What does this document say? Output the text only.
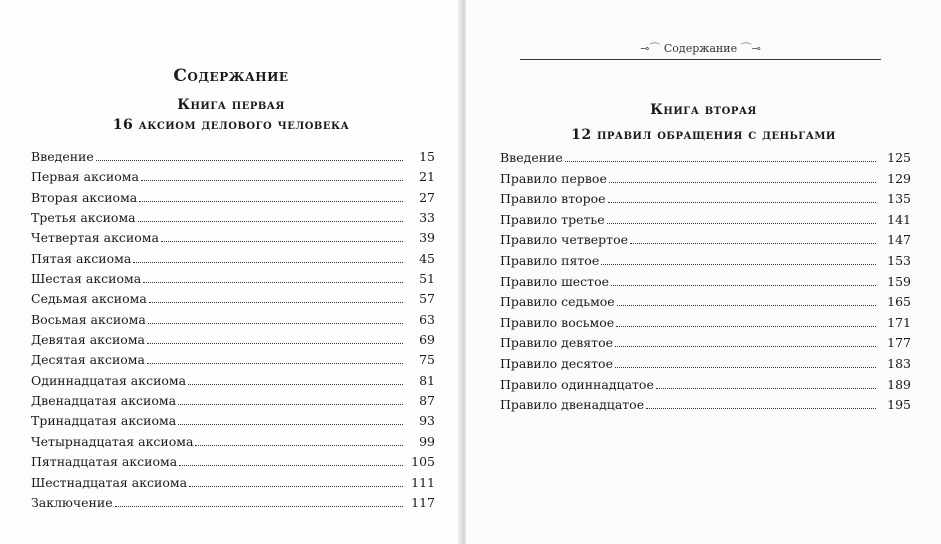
Содержание
Книга первая
16 аксиом делового человека
Введение	15
Первая аксиома	21
Вторая аксиома	27
Третья аксиома	33
Четвертая аксиома	39
Пятая аксиома	45
Шестая аксиома	51
Седьмая аксиома	57
Восьмая аксиома	63
Девятая аксиома	69
Десятая аксиома	75
Одиннадцатая аксиома	81
Двенадцатая аксиома	87
Тринадцатая аксиома	93
Четырнадцатая аксиома	99
Пятнадцатая аксиома	105
Шестнадцатая аксиома	111
Заключение	117
⊸⌒ Содержание ⌒⊸
Книга вторая
12 правил обращения с деньгами
Введение	125
Правило первое	129
Правило второе	135
Правило третье	141
Правило четвертое	147
Правило пятое	153
Правило шестое	159
Правило седьмое	165
Правило восьмое	171
Правило девятое	177
Правило десятое	183
Правило одиннадцатое	189
Правило двенадцатое	195
